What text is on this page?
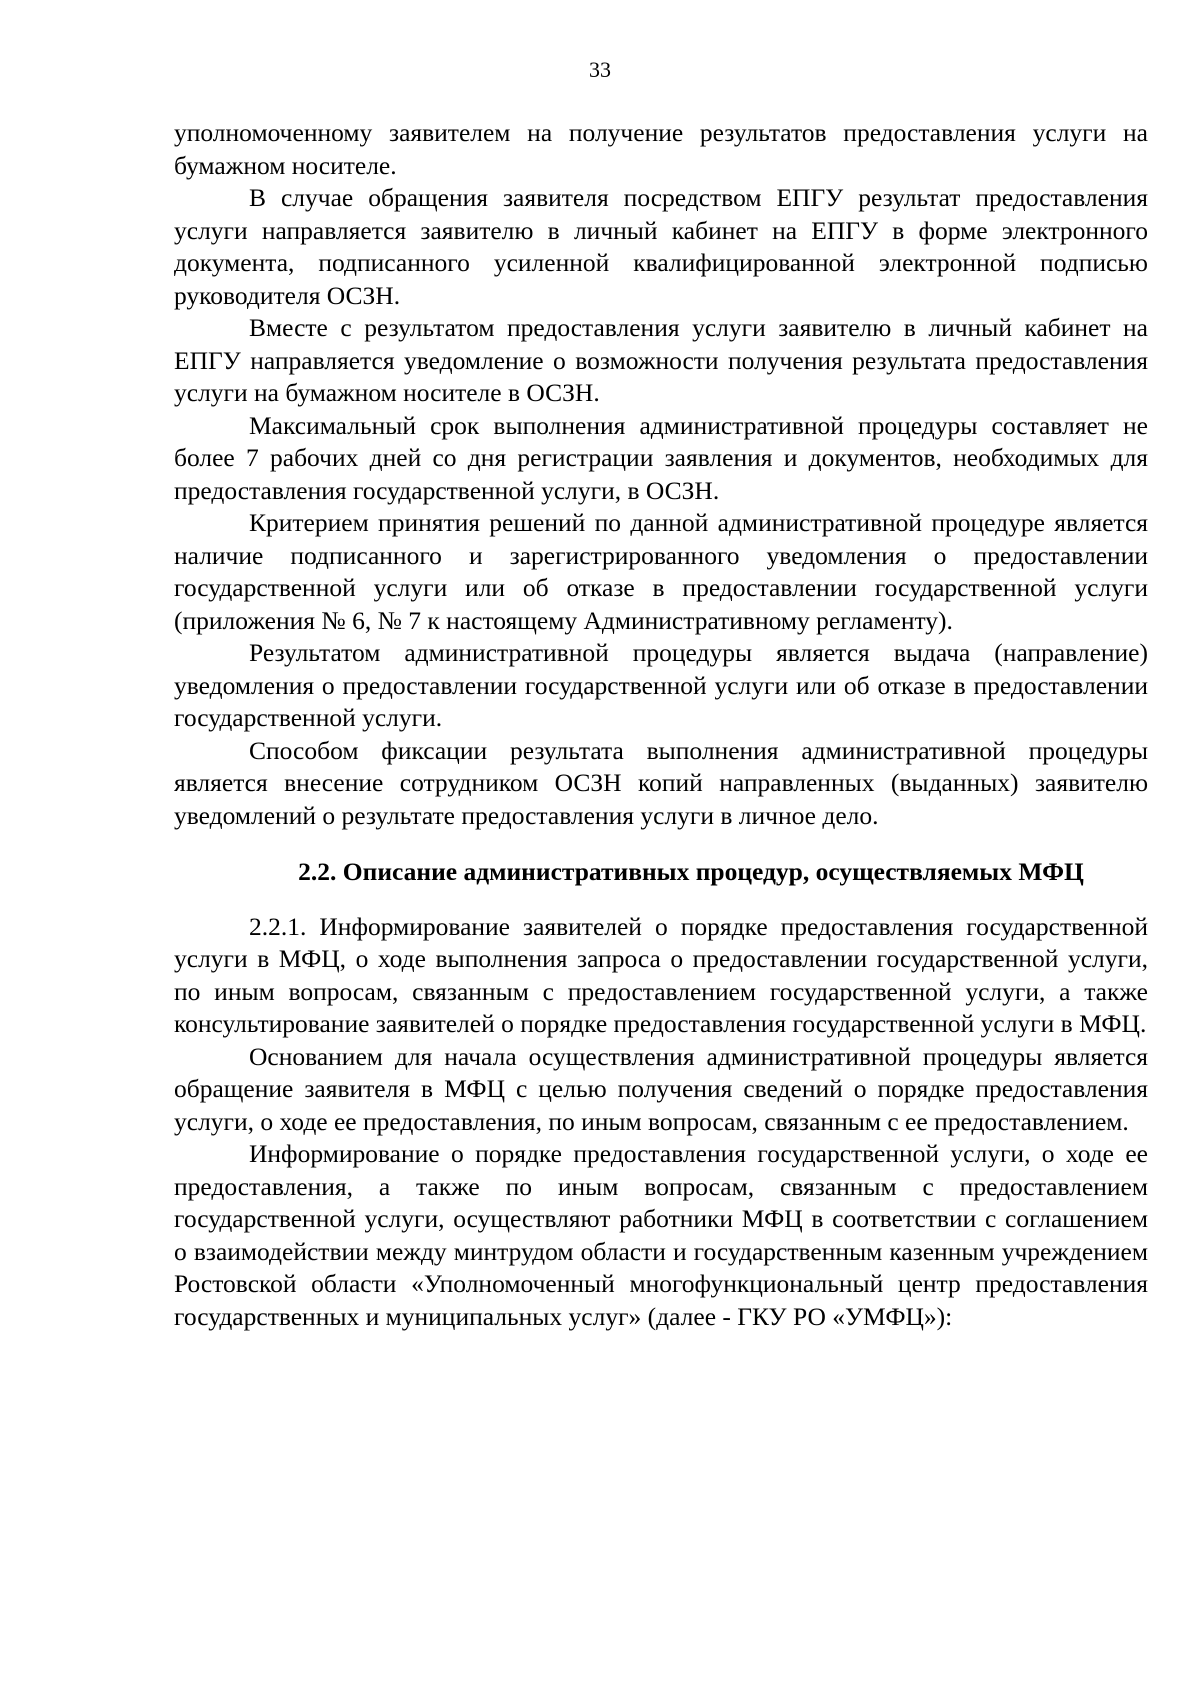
33

уполномоченному заявителем на получение результатов предоставления услуги на бумажном носителе.

В случае обращения заявителя посредством ЕПГУ результат предоставления услуги направляется заявителю в личный кабинет на ЕПГУ в форме электронного документа, подписанного усиленной квалифицированной электронной подписью руководителя ОСЗН.

Вместе с результатом предоставления услуги заявителю в личный кабинет на ЕПГУ направляется уведомление о возможности получения результата предоставления услуги на бумажном носителе в ОСЗН.

Максимальный срок выполнения административной процедуры составляет не более 7 рабочих дней со дня регистрации заявления и документов, необходимых для предоставления государственной услуги, в ОСЗН.

Критерием принятия решений по данной административной процедуре является наличие подписанного и зарегистрированного уведомления о предоставлении государственной услуги или об отказе в предоставлении государственной услуги (приложения № 6, № 7 к настоящему Административному регламенту).

Результатом административной процедуры является выдача (направление) уведомления о предоставлении государственной услуги или об отказе в предоставлении государственной услуги.

Способом фиксации результата выполнения административной процедуры является внесение сотрудником ОСЗН копий направленных (выданных) заявителю уведомлений о результате предоставления услуги в личное дело.

2.2. Описание административных процедур, осуществляемых МФЦ

2.2.1. Информирование заявителей о порядке предоставления государственной услуги в МФЦ, о ходе выполнения запроса о предоставлении государственной услуги, по иным вопросам, связанным с предоставлением государственной услуги, а также консультирование заявителей о порядке предоставления государственной услуги в МФЦ.

Основанием для начала осуществления административной процедуры является обращение заявителя в МФЦ с целью получения сведений о порядке предоставления услуги, о ходе ее предоставления, по иным вопросам, связанным с ее предоставлением.

Информирование о порядке предоставления государственной услуги, о ходе ее предоставления, а также по иным вопросам, связанным с предоставлением государственной услуги, осуществляют работники МФЦ в соответствии с соглашением о взаимодействии между минтрудом области и государственным казенным учреждением Ростовской области «Уполномоченный многофункциональный центр предоставления государственных и муниципальных услуг» (далее - ГКУ РО «УМФЦ»):
